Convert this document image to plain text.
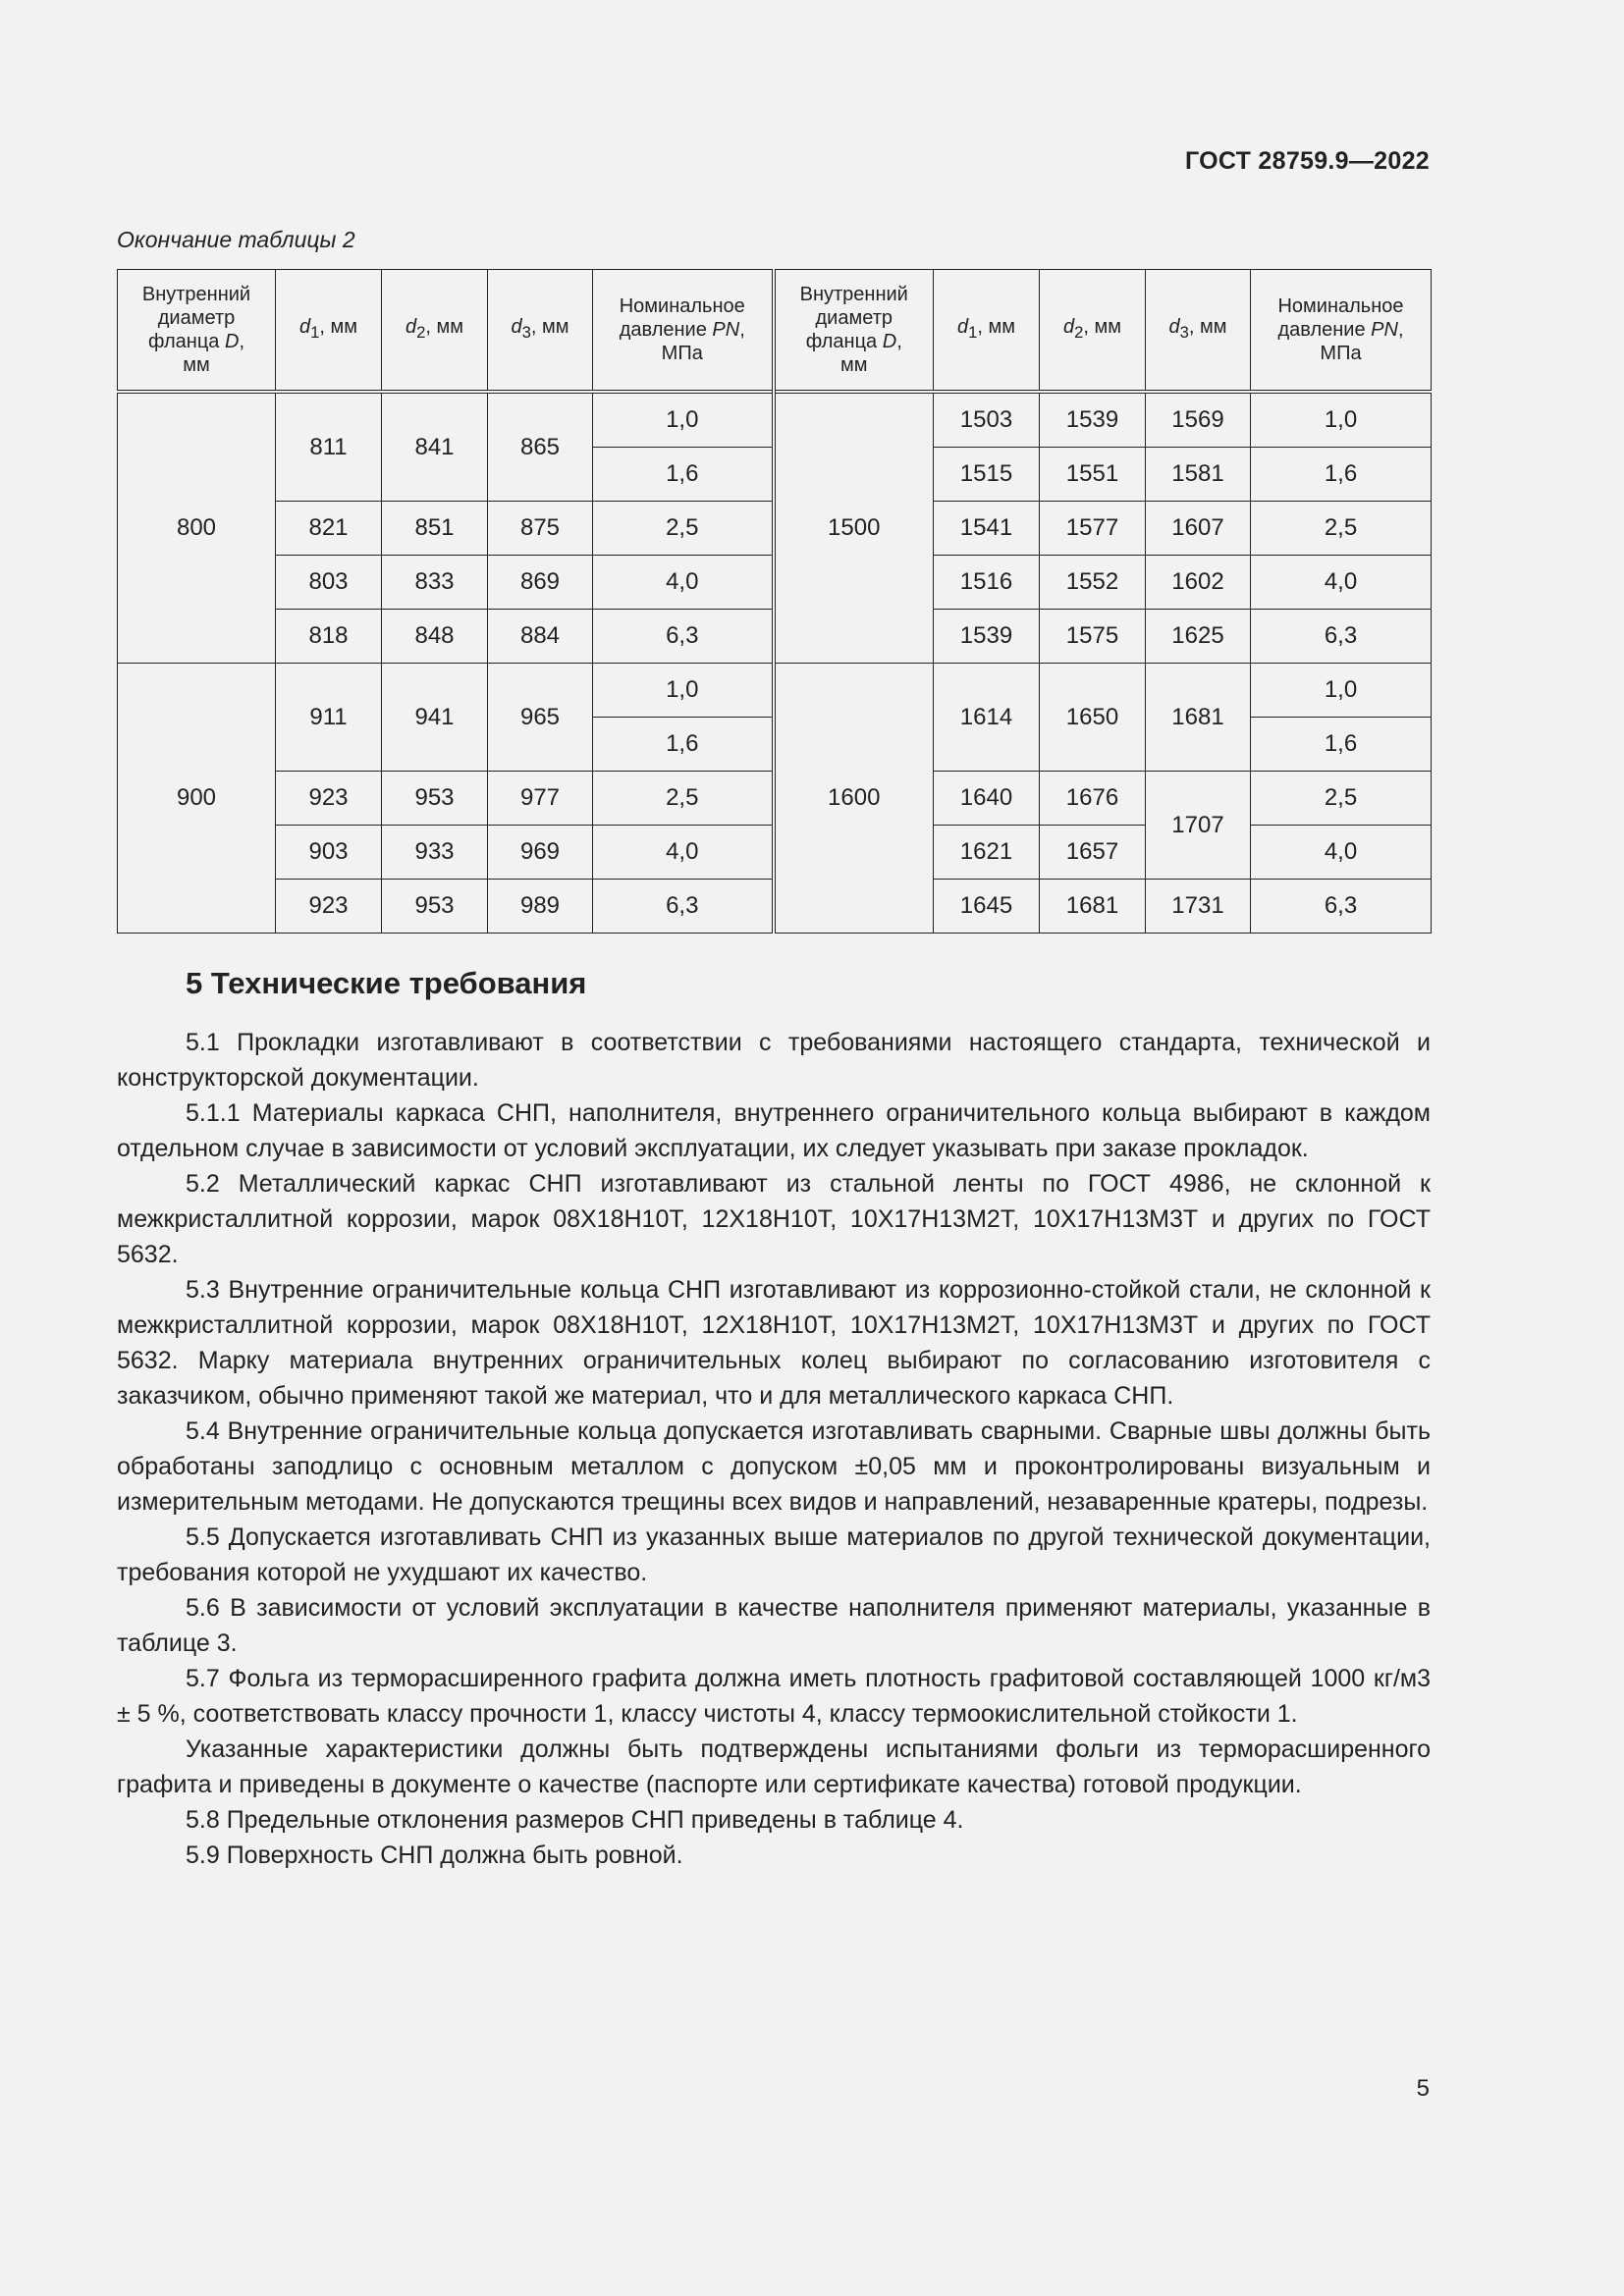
ГОСТ 28759.9—2022
Окончание таблицы 2
Внутренний
диаметр
фланца D,
мм	$d_1$, мм	$d_2$, мм	$d_3$, мм	Номинальное
давление PN,
МПа	Внутренний
диаметр
фланца D,
мм	$d_1$, мм	$d_2$, мм	$d_3$, мм	Номинальное
давление PN,
МПа
800	811	841	865	1,0	1500	1503	1539	1569	1,0
				1,6		1515	1551	1581	1,6
	821	851	875	2,5		1541	1577	1607	2,5
	803	833	869	4,0		1516	1552	1602	4,0
	818	848	884	6,3		1539	1575	1625	6,3
900	911	941	965	1,0	1600	1614	1650	1681	1,0
				1,6					1,6
	923	953	977	2,5		1640	1676	1707	2,5
	903	933	969	4,0		1621	1657		4,0
	923	953	989	6,3		1645	1681	1731	6,3
5 Технические требования

5.1 Прокладки изготавливают в соответствии с требованиями настоящего стандарта, технической и конструкторской документации.

5.1.1 Материалы каркаса СНП, наполнителя, внутреннего ограничительного кольца выбирают в каждом отдельном случае в зависимости от условий эксплуатации, их следует указывать при заказе прокладок.

5.2 Металлический каркас СНП изготавливают из стальной ленты по ГОСТ 4986, не склонной к межкристаллитной коррозии, марок 08Х18Н10Т, 12Х18Н10Т, 10Х17Н13М2Т, 10Х17Н13М3Т и других по ГОСТ 5632.

5.3 Внутренние ограничительные кольца СНП изготавливают из коррозионно-стойкой стали, не склонной к межкристаллитной коррозии, марок 08Х18Н10Т, 12Х18Н10Т, 10Х17Н13М2Т, 10Х17Н13М3Т и других по ГОСТ 5632. Марку материала внутренних ограничительных колец выбирают по согласованию изготовителя с заказчиком, обычно применяют такой же материал, что и для металлического каркаса СНП.

5.4 Внутренние ограничительные кольца допускается изготавливать сварными. Сварные швы должны быть обработаны заподлицо с основным металлом с допуском ±0,05 мм и проконтролированы визуальным и измерительным методами. Не допускаются трещины всех видов и направлений, незаваренные кратеры, подрезы.

5.5 Допускается изготавливать СНП из указанных выше материалов по другой технической документации, требования которой не ухудшают их качество.

5.6 В зависимости от условий эксплуатации в качестве наполнителя применяют материалы, указанные в таблице 3.

5.7 Фольга из терморасширенного графита должна иметь плотность графитовой составляющей 1000 кг/м3 ± 5 %, соответствовать классу прочности 1, классу чистоты 4, классу термоокислительной стойкости 1.

Указанные характеристики должны быть подтверждены испытаниями фольги из терморасширенного графита и приведены в документе о качестве (паспорте или сертификате качества) готовой продукции.

5.8 Предельные отклонения размеров СНП приведены в таблице 4.

5.9 Поверхность СНП должна быть ровной.

5
